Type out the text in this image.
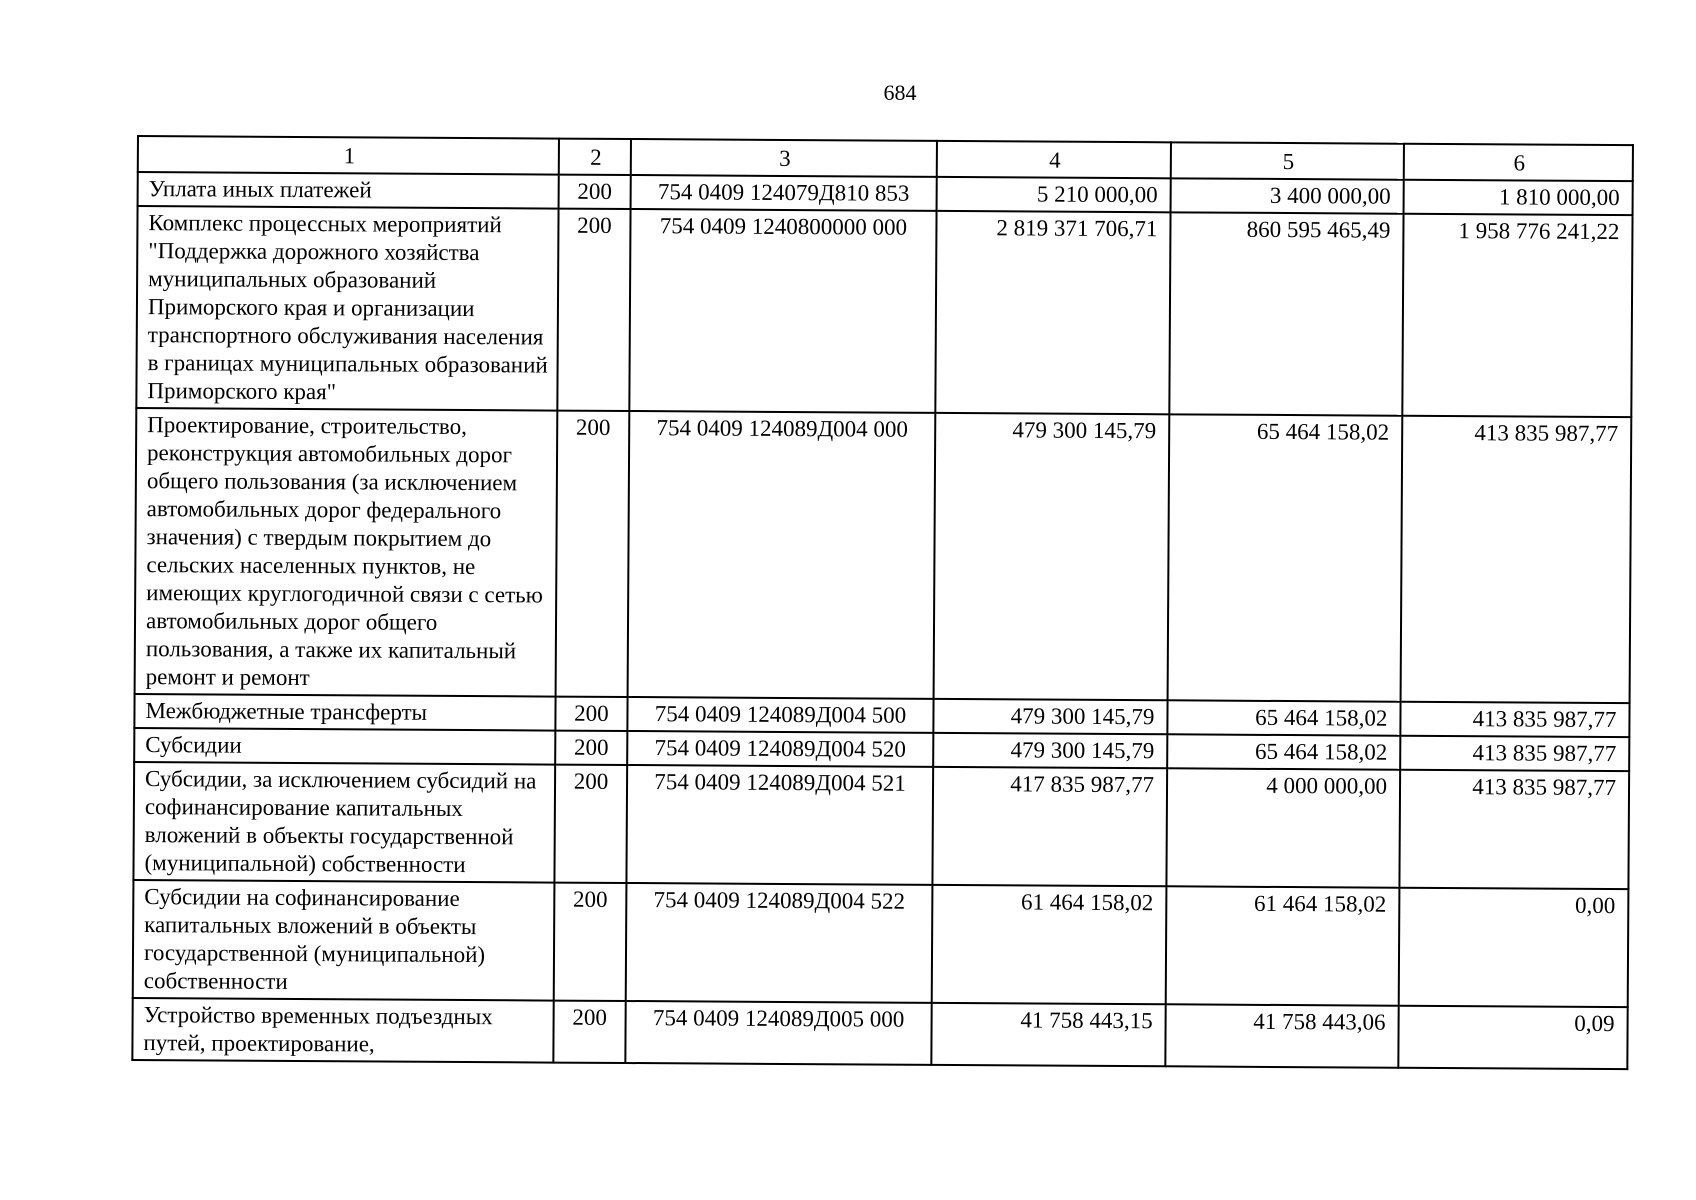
684
1	2	3	4	5	6
Уплата иных платежей	200	754 0409 124079Д810 853	5 210 000,00	3 400 000,00	1 810 000,00
Комплекс процессных мероприятий "Поддержка дорожного хозяйства муниципальных образований Приморского края и организации транспортного обслуживания населения в границах муниципальных образований Приморского края"	200	754 0409 1240800000 000	2 819 371 706,71	860 595 465,49	1 958 776 241,22
Проектирование, строительство, реконструкция автомобильных дорог общего пользования (за исключением автомобильных дорог федерального значения) с твердым покрытием до сельских населенных пунктов, не имеющих круглогодичной связи с сетью автомобильных дорог общего пользования, а также их капитальный ремонт и ремонт	200	754 0409 124089Д004 000	479 300 145,79	65 464 158,02	413 835 987,77
Межбюджетные трансферты	200	754 0409 124089Д004 500	479 300 145,79	65 464 158,02	413 835 987,77
Субсидии	200	754 0409 124089Д004 520	479 300 145,79	65 464 158,02	413 835 987,77
Субсидии, за исключением субсидий на софинансирование капитальных вложений в объекты государственной (муниципальной) собственности	200	754 0409 124089Д004 521	417 835 987,77	4 000 000,00	413 835 987,77
Субсидии на софинансирование капитальных вложений в объекты государственной (муниципальной) собственности	200	754 0409 124089Д004 522	61 464 158,02	61 464 158,02	0,00
Устройство временных подъездных путей, проектирование,	200	754 0409 124089Д005 000	41 758 443,15	41 758 443,06	0,09
